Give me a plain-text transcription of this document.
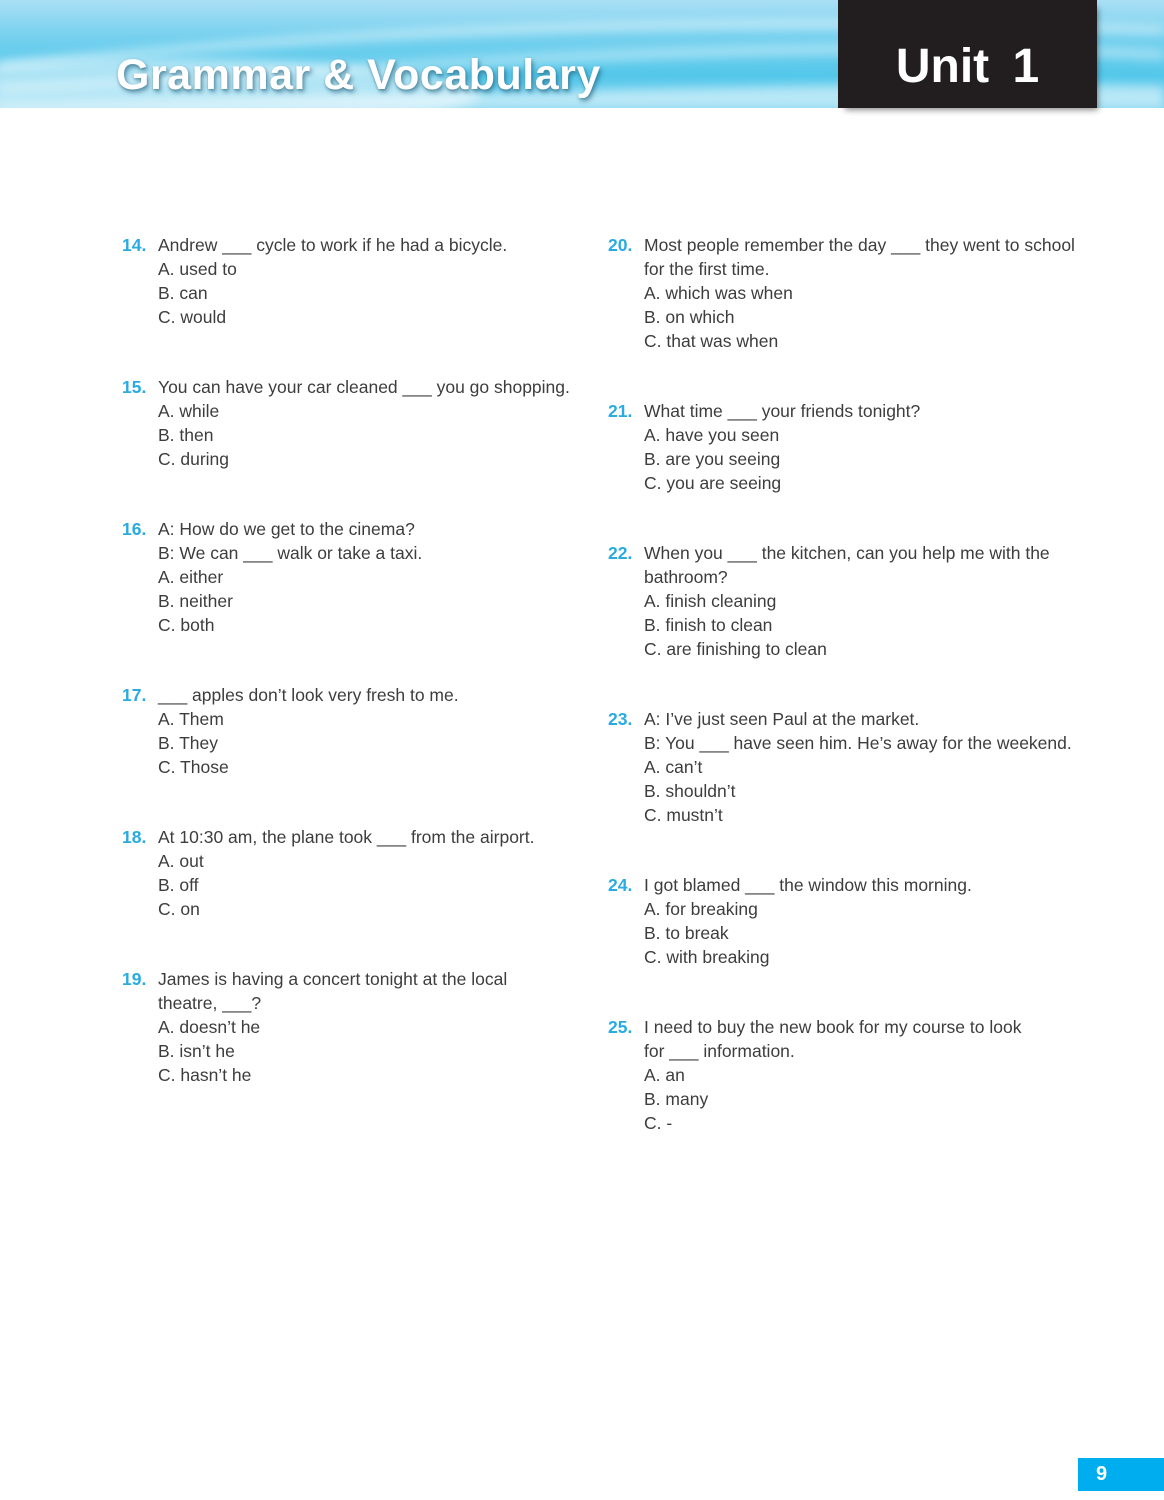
Grammar & Vocabulary	Unit 1
14. Andrew ___ cycle to work if he had a bicycle.
A. used to
B. can
C. would
15. You can have your car cleaned ___ you go shopping.
A. while
B. then
C. during
16. A: How do we get to the cinema?
B: We can ___ walk or take a taxi.
A. either
B. neither
C. both
17. ___ apples don’t look very fresh to me.
A. Them
B. They
C. Those
18. At 10:30 am, the plane took ___ from the airport.
A. out
B. off
C. on
19. James is having a concert tonight at the local
theatre, ___?
A. doesn’t he
B. isn’t he
C. hasn’t he
20. Most people remember the day ___ they went to school
for the first time.
A. which was when
B. on which
C. that was when
21. What time ___ your friends tonight?
A. have you seen
B. are you seeing
C. you are seeing
22. When you ___ the kitchen, can you help me with the
bathroom?
A. finish cleaning
B. finish to clean
C. are finishing to clean
23. A: I’ve just seen Paul at the market.
B: You ___ have seen him. He’s away for the weekend.
A. can’t
B. shouldn’t
C. mustn’t
24. I got blamed ___ the window this morning.
A. for breaking
B. to break
C. with breaking
25. I need to buy the new book for my course to look
for ___ information.
A. an
B. many
C. -
9
